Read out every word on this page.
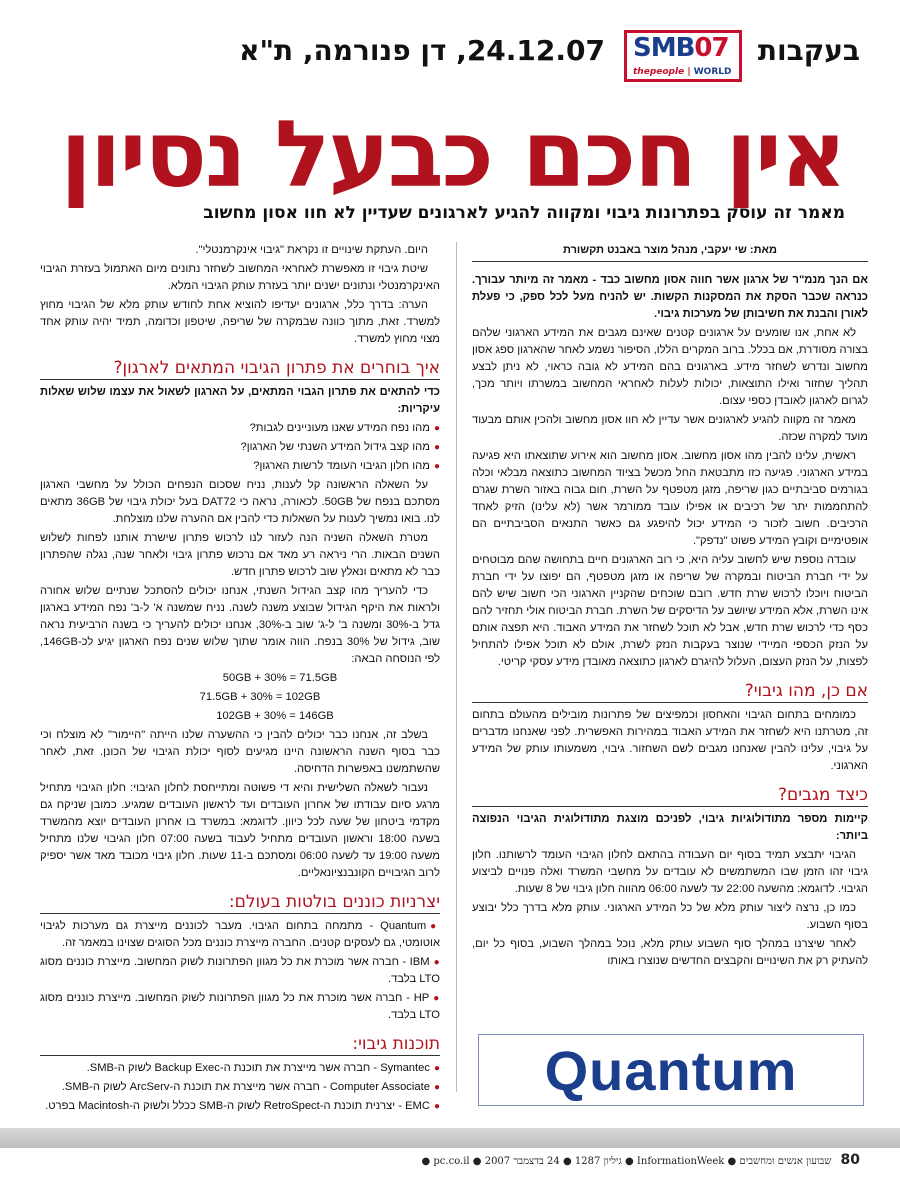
בעקבות
SMB07
thepeople | WORLD
24.12.07, דן פנורמה, ת"א
אין חכם כבעל נסיון
מאמר זה עוסק בפתרונות גיבוי ומקווה להגיע לארגונים שעדיין לא חוו אסון מחשוב
מאת: שי יעקבי, מנהל מוצר באבנט תקשורת

אם הנך מנמ"ר של ארגון אשר חווה אסון מחשוב כבד - מאמר זה מיותר עבורך. כנראה שכבר הסקת את המסקנות הקשות. יש להניח מעל לכל ספק, כי פעלת לאורן והבנת את חשיבותן של מערכות גיבוי.

לא אחת, אנו שומעים על ארגונים קטנים שאינם מגבים את המידע הארגוני שלהם בצורה מסודרת, אם בכלל. ברוב המקרים הללו, הסיפור נשמע לאחר שהארגון ספג אסון מחשוב ונדרש לשחזר מידע. בארגונים בהם המידע לא גובה כראוי, לא ניתן לבצע תהליך שחזור ואילו התוצאות, יכולות לעלות לאחראי המחשוב במשרתו ויותר מכך, לגרום לארגון לאובדן כספי עצום.

מאמר זה מקווה להגיע לארגונים אשר עדיין לא חוו אסון מחשוב ולהכין אותם מבעוד מועד למקרה שכזה.

ראשית, עלינו להבין מהו אסון מחשוב. אסון מחשוב הוא אירוע שתוצאתו היא פגיעה במידע הארגוני. פגיעה כזו מתבטאת החל מכשל בציוד המחשוב כתוצאה מבלאי וכלה בגורמים סביבתיים כגון שריפה, מזגן מטפטף על השרת, חום גבוה באזור השרת שגרם להתחממות יתר של רכיבים או אפילו עובד ממורמר אשר (לא עלינו) הזיק לאחד הרכיבים. חשוב לזכור כי המידע יכול להיפגע גם כאשר התנאים הסביבתיים הם אופטימיים וקובץ המידע פשוט "נדפק".

עובדה נוספת שיש לחשוב עליה היא, כי רוב הארגונים חיים בתחושה שהם מבוטחים על ידי חברת הביטוח ובמקרה של שריפה או מזגן מטפטף, הם יפוצו על ידי חברת הביטוח ויוכלו לרכוש שרת חדש. רובם שוכחים שהקניין הארגוני הכי חשוב שיש להם אינו השרת, אלא המידע שיושב על הדיסקים של השרת. חברת הביטוח אולי תחזיר להם כסף כדי לרכוש שרת חדש, אבל לא תוכל לשחזר את המידע האבוד. היא תפצה אותם על הנזק הכספי המיידי שנוצר בעקבות הנזק לשרת, אולם לא תוכל אפילו להתחיל לפצות, על הנזק העצום, העלול להיגרם לארגון כתוצאה מאובדן מידע עסקי קריטי.

אם כן, מהו גיבוי?

כמומחים בתחום הגיבוי והאחסון וכמפיצים של פתרונות מובילים מהעולם בתחום זה, מטרתנו היא לשחזר את המידע האבוד במהירות האפשרית. לפני שאנחנו מדברים על גיבוי, עלינו להבין שאנחנו מגבים לשם השחזור. גיבוי, משמעותו עותק של המידע הארגוני.

כיצד מגבים?

קיימות מספר מתודולוגיות גיבוי, לפניכם מוצגת מתודולוגית הגיבוי הנפוצה ביותר:

הגיבוי יתבצע תמיד בסוף יום העבודה בהתאם לחלון הגיבוי העומד לרשותנו. חלון גיבוי זהו הזמן שבו המשתמשים לא עובדים על מחשבי המשרד ואלה פנויים לביצוע הגיבוי. לדוגמא: מהשעה 22:00 עד לשעה 06:00 מהווה חלון גיבוי של 8 שעות.

כמו כן, נרצה ליצור עותק מלא של כל המידע הארגוני. עותק מלא בדרך כלל יבוצע בסוף השבוע.

לאחר שיצרנו במהלך סוף השבוע עותק מלא, נוכל במהלך השבוע, בסוף כל יום, להעתיק רק את השינויים והקבצים החדשים שנוצרו באותו

היום. העתקת שינויים זו נקראת "גיבוי אינקרמנטלי".

שיטת גיבוי זו מאפשרת לאחראי המחשוב לשחזר נתונים מיום האתמול בעזרת הגיבוי האינקרמנטלי ונתונים ישנים יותר בעזרת עותק הגיבוי המלא.

הערה: בדרך כלל, ארגונים יעדיפו להוציא אחת לחודש עותק מלא של הגיבוי מחוץ למשרד. זאת, מתוך כוונה שבמקרה של שריפה, שיטפון וכדומה, תמיד יהיה עותק אחד מצוי מחוץ למשרד.

איך בוחרים את פתרון הגיבוי המתאים לארגון?

כדי להתאים את פתרון הגבוי המתאים, על הארגון לשאול את עצמו שלוש שאלות עיקריות:

● מהו נפח המידע שאנו מעוניינים לגבות?

● מהו קצב גידול המידע השנתי של הארגון?

● מהו חלון הגיבוי העומד לרשות הארגון?

על השאלה הראשונה קל לענות, נניח שסכום הנפחים הכולל על מחשבי הארגון מסתכם בנפח של 50GB. לכאורה, נראה כי DAT72 בעל יכולת גיבוי של 36GB מתאים לנו. בואו נמשיך לענות על השאלות כדי להבין אם ההערה שלנו מוצלחת.

מטרת השאלה השניה הנה לעזור לנו לרכוש פתרון שישרת אותנו לפחות לשלוש השנים הבאות. הרי ניראה רע מאד אם נרכוש פתרון גיבוי ולאחר שנה, נגלה שהפתרון כבר לא מתאים ונאלץ שוב לרכוש פתרון חדש.

כדי להעריך מהו קצב הגידול השנתי, אנחנו יכולים להסתכל שנתיים שלוש אחורה ולראות את היקף הגידול שבוצע משנה לשנה. נניח שמשנה א' ל-ב' נפח המידע בארגון גדל ב-30% ומשנה ב' ל-ג' שוב ב-30%, אנחנו יכולים להעריך כי בשנה הרביעית נראה שוב, גידול של 30% בנפח. הווה אומר שתוך שלוש שנים נפח הארגון יגיע לכ-146GB, לפי הנוסחה הבאה:

50GB + 30% = 71.5GB

71.5GB + 30% = 102GB

102GB + 30% = 146GB

בשלב זה, אנחנו כבר יכולים להבין כי ההשערה שלנו הייתה "היימור" לא מוצלח וכי כבר בסוף השנה הראשונה היינו מגיעים לסוף יכולת הגיבוי של הכונן. זאת, לאחר שהשתמשנו באפשרות הדחיסה.

נעבור לשאלה השלישית והיא די פשוטה ומתייחסת לחלון הגיבוי: חלון הגיבוי מתחיל מרגע סיום עבודתו של אחרון העובדים ועד לראשון העובדים שמגיע. כמובן שניקח גם מקדמי ביטחון של שעה לכל כיוון. לדוגמא: במשרד בו אחרון העובדים יוצא מהמשרד בשעה 18:00 וראשון העובדים מתחיל לעבוד בשעה 07:00 חלון הגיבוי שלנו מתחיל משעה 19:00 עד לשעה 06:00 ומסתכם ב-11 שעות. חלון גיבוי מכובד מאד אשר יספיק לרוב הגיבויים הקונבנציונאליים.

יצרניות כוננים בולטות בעולם:

● Quantum - מתמחה בתחום הגיבוי. מעבר לכוננים מייצרת גם מערכות לגיבוי אוטומטי, גם לעסקים קטנים. החברה מייצרת כוננים מכל הסוגים שצוינו במאמר זה.

● IBM - חברה אשר מוכרת את כל מגוון הפתרונות לשוק המחשוב. מייצרת כוננים מסוג LTO בלבד.

● HP - חברה אשר מוכרת את כל מגוון הפתרונות לשוק המחשוב. מייצרת כוננים מסוג LTO בלבד.

תוכנות גיבוי:

● Symantec - חברה אשר מייצרת את תוכנת ה-Backup Exec לשוק ה-SMB.

● Computer Associate - חברה אשר מייצרת את תוכנת ה-ArcServ לשוק ה-SMB.

● EMC - יצרנית תוכנת ה-RetroSpect לשוק ה-SMB ככלל ולשוק ה-Macintosh בפרט.

Quantum
80 שבועון אנשים ומחשבים ● InformationWeek ● גיליון 1287 ● 24 בדצמבר 2007 ● pc.co.il ●
